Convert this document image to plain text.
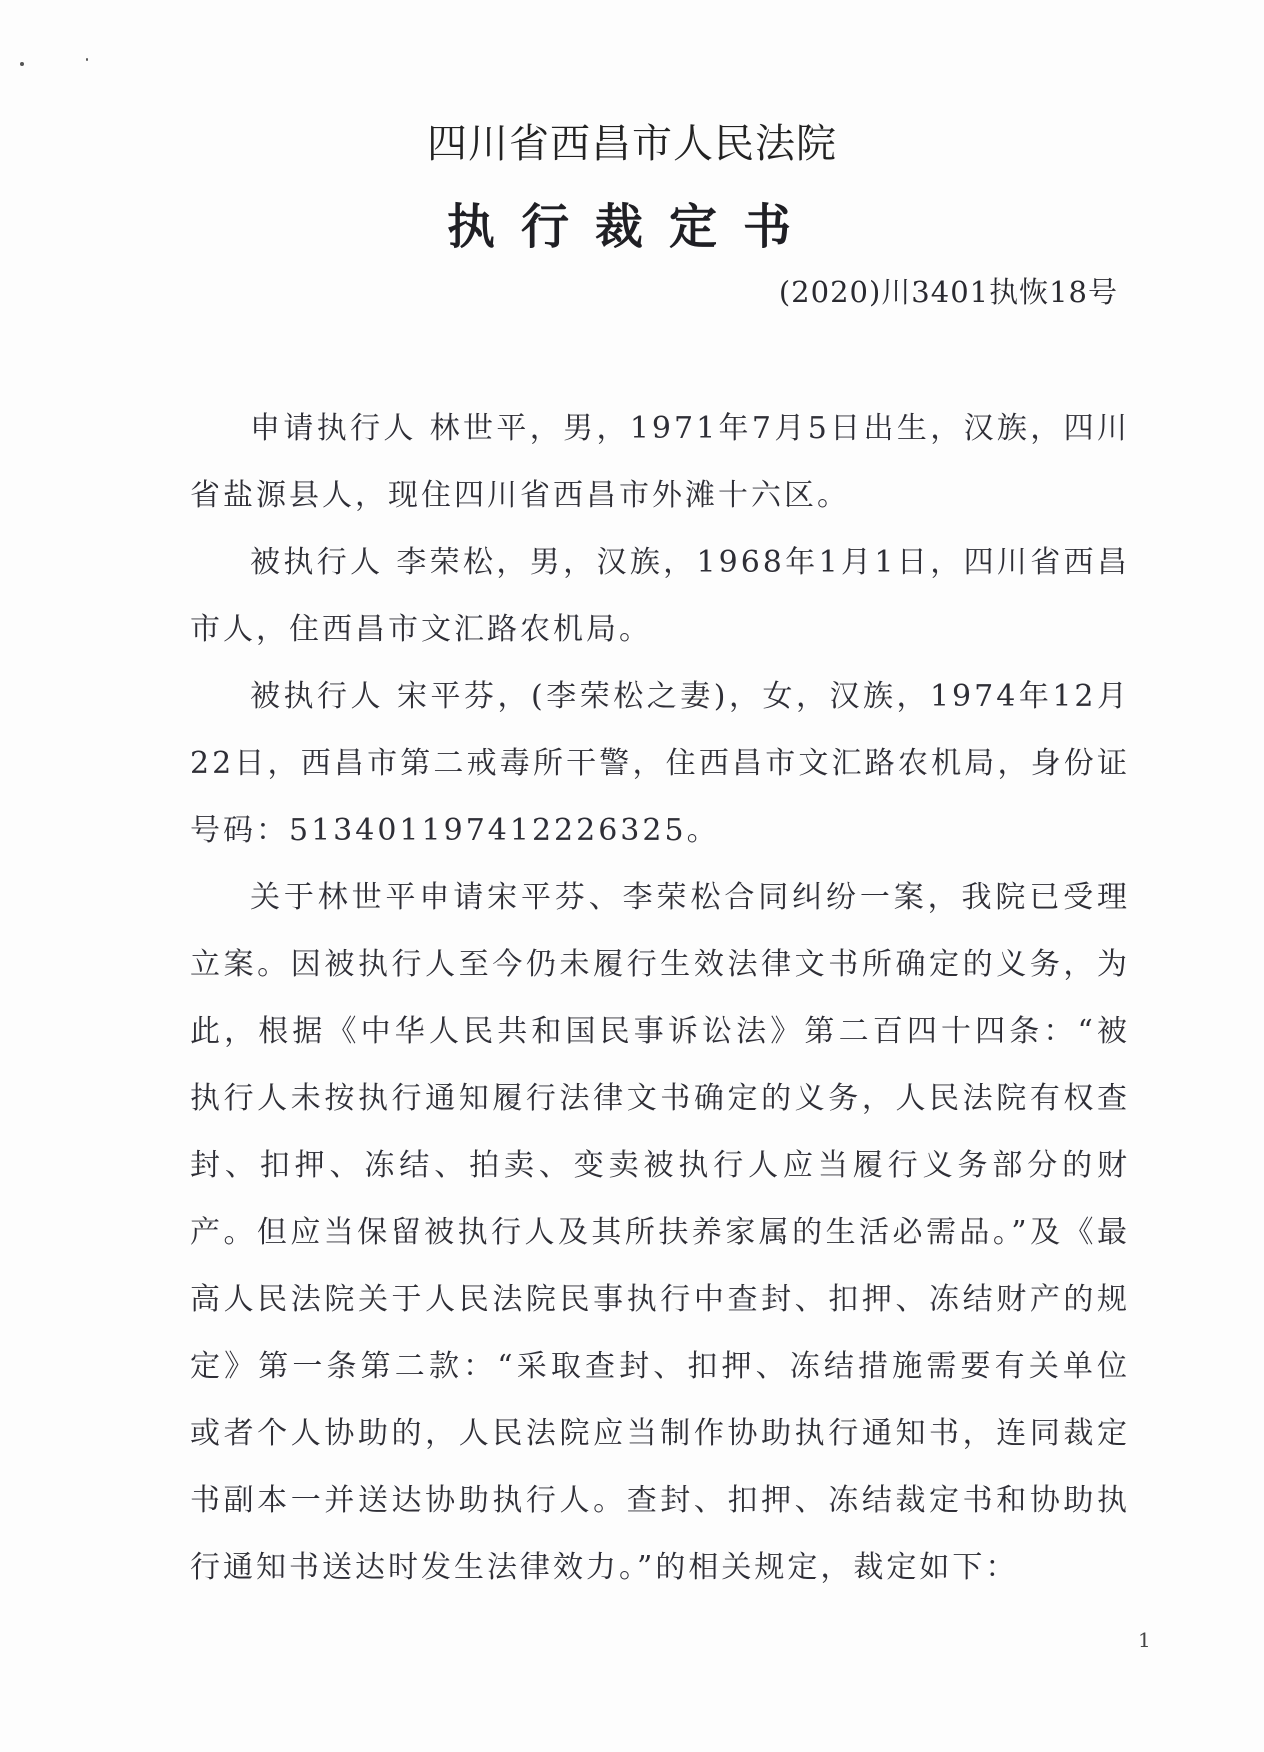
四川省西昌市人民法院
执行裁定书
(2020)川3401执恢18号

申请执行人 林世平，男，1971年7月5日出生，汉族，四川省盐源县人，现住四川省西昌市外滩十六区。

被执行人 李荣松，男，汉族，1968年1月1日，四川省西昌市人，住西昌市文汇路农机局。

被执行人 宋平芬，(李荣松之妻)，女，汉族，1974年12月22日，西昌市第二戒毒所干警，住西昌市文汇路农机局，身份证号码：513401197412226325。

关于林世平申请宋平芬、李荣松合同纠纷一案，我院已受理立案。因被执行人至今仍未履行生效法律文书所确定的义务，为此，根据《中华人民共和国民事诉讼法》第二百四十四条：“被执行人未按执行通知履行法律文书确定的义务，人民法院有权查封、扣押、冻结、拍卖、变卖被执行人应当履行义务部分的财产。但应当保留被执行人及其所扶养家属的生活必需品。”及《最高人民法院关于人民法院民事执行中查封、扣押、冻结财产的规定》第一条第二款：“采取查封、扣押、冻结措施需要有关单位或者个人协助的，人民法院应当制作协助执行通知书，连同裁定书副本一并送达协助执行人。查封、扣押、冻结裁定书和协助执行通知书送达时发生法律效力。”的相关规定，裁定如下：

1
